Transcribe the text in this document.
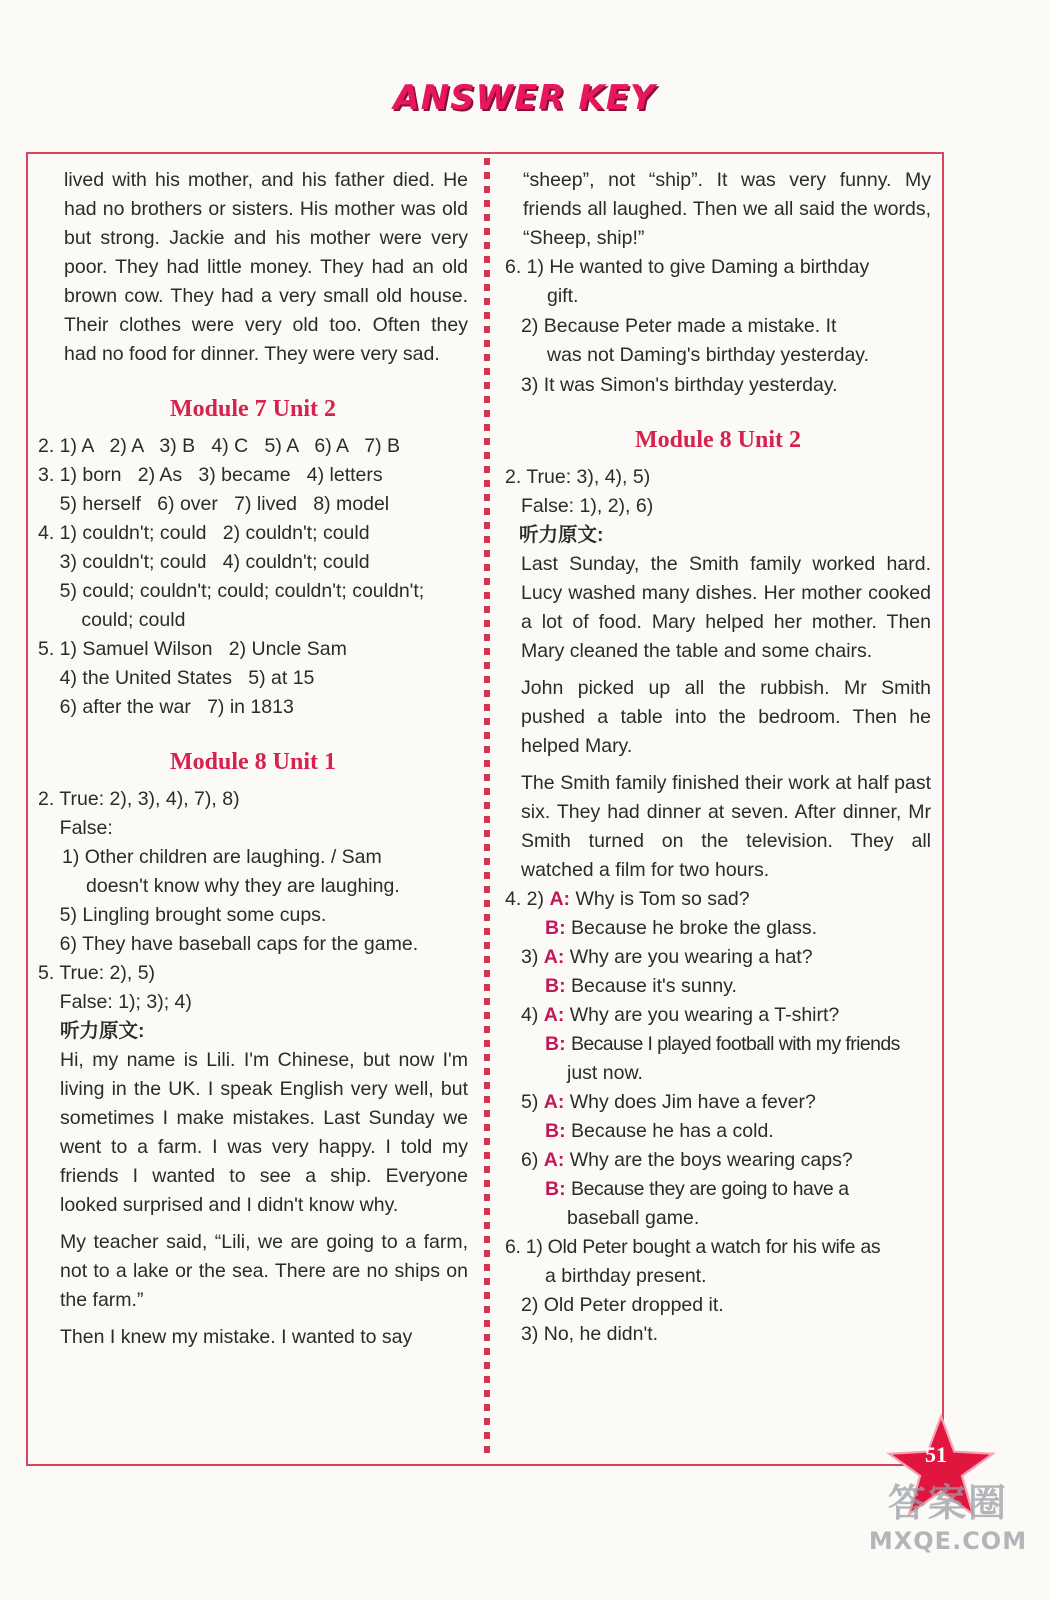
ANSWER KEY

lived with his mother, and his father died. He had no brothers or sisters. His mother was old but strong. Jackie and his mother were very poor. They had little money. They had an old brown cow. They had a very small old house. Their clothes were very old too. Often they had no food for dinner. They were very sad.

Module 7 Unit 2

2. 1) A   2) A   3) B   4) C   5) A   6) A   7) B

3. 1) born   2) As   3) became   4) letters

5) herself   6) over   7) lived   8) model

4. 1) couldn't; could   2) couldn't; could

3) couldn't; could   4) couldn't; could

5) could; couldn't; could; couldn't; couldn't;

could; could

5. 1) Samuel Wilson   2) Uncle Sam

4) the United States   5) at 15

6) after the war   7) in 1813

Module 8 Unit 1

2. True: 2), 3), 4), 7), 8)

False:

1) Other children are laughing. / Sam

doesn't know why they are laughing.

5) Lingling brought some cups.

6) They have baseball caps for the game.

5. True: 2), 5)

False: 1); 3); 4)

听力原文:

Hi, my name is Lili. I'm Chinese, but now I'm living in the UK. I speak English very well, but sometimes I make mistakes. Last Sunday we went to a farm. I was very happy. I told my friends I wanted to see a ship. Everyone looked surprised and I didn't know why.

My teacher said, “Lili, we are going to a farm, not to a lake or the sea. There are no ships on the farm.”

Then I knew my mistake. I wanted to say

“sheep”, not “ship”. It was very funny. My friends all laughed. Then we all said the words, “Sheep, ship!”

6. 1) He wanted to give Daming a birthday

gift.

2) Because Peter made a mistake. It

was not Daming's birthday yesterday.

3) It was Simon's birthday yesterday.

Module 8 Unit 2

2. True: 3), 4), 5)

False: 1), 2), 6)

听力原文:

Last Sunday, the Smith family worked hard. Lucy washed many dishes. Her mother cooked a lot of food. Mary helped her mother. Then Mary cleaned the table and some chairs.

John picked up all the rubbish. Mr Smith pushed a table into the bedroom. Then he helped Mary.

The Smith family finished their work at half past six. They had dinner at seven. After dinner, Mr Smith turned on the television. They all watched a film for two hours.

4. 2) A: Why is Tom so sad?

B: Because he broke the glass.

3) A: Why are you wearing a hat?

B: Because it's sunny.

4) A: Why are you wearing a T-shirt?

B: Because I played football with my friends

just now.

5) A: Why does Jim have a fever?

B: Because he has a cold.

6) A: Why are the boys wearing caps?

B: Because they are going to have a

baseball game.

6. 1) Old Peter bought a watch for his wife as

a birthday present.

2) Old Peter dropped it.

3) No, he didn't.

51
答案圈
MXQE.COM
